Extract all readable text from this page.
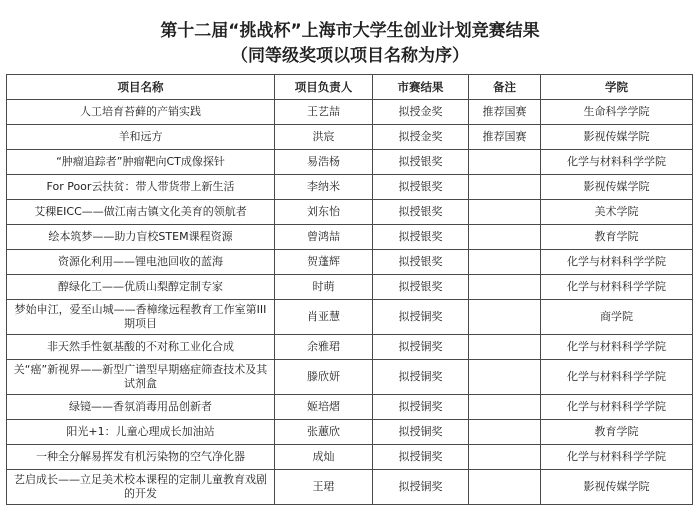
第十二届“挑战杯”上海市大学生创业计划竞赛结果
（同等级奖项以项目名称为序）
项目名称	项目负责人	市赛结果	备注	学院
人工培育苔藓的产销实践	王艺喆	拟授金奖	推荐国赛	生命科学学院
羊和远方	洪宸	拟授金奖	推荐国赛	影视传媒学院
“肿瘤追踪者”肿瘤靶向CT成像探针	易浩杨	拟授银奖		化学与材料科学学院
For Poor云扶贫：带人带货带上新生活	李纳米	拟授银奖		影视传媒学院
艾稞EICC——做江南古镇文化美育的领航者	刘东怡	拟授银奖		美术学院
绘本筑梦——助力盲校STEM课程资源	曾鸿喆	拟授银奖		教育学院
资源化利用——锂电池回收的蓝海	贺蓬辉	拟授银奖		化学与材料科学学院
醇绿化工——优质山梨醇定制专家	时萌	拟授银奖		化学与材料科学学院
梦始申江，爱至山城——香樟缘远程教育工作室第III期项目	肖亚慧	拟授铜奖		商学院
非天然手性氨基酸的不对称工业化合成	余雅珺	拟授铜奖		化学与材料科学学院
关“癌”新视界——新型广谱型早期癌症筛查技术及其试剂盒	滕欣妍	拟授铜奖		化学与材料科学学院
绿镜——香氛消毒用品创新者	姬培熠	拟授铜奖		化学与材料科学学院
阳光+1：儿童心理成长加油站	张蕙欣	拟授铜奖		教育学院
一种全分解易挥发有机污染物的空气净化器	成灿	拟授铜奖		化学与材料科学学院
艺启成长——立足美术校本课程的定制儿童教育戏剧的开发	王珺	拟授铜奖		影视传媒学院
